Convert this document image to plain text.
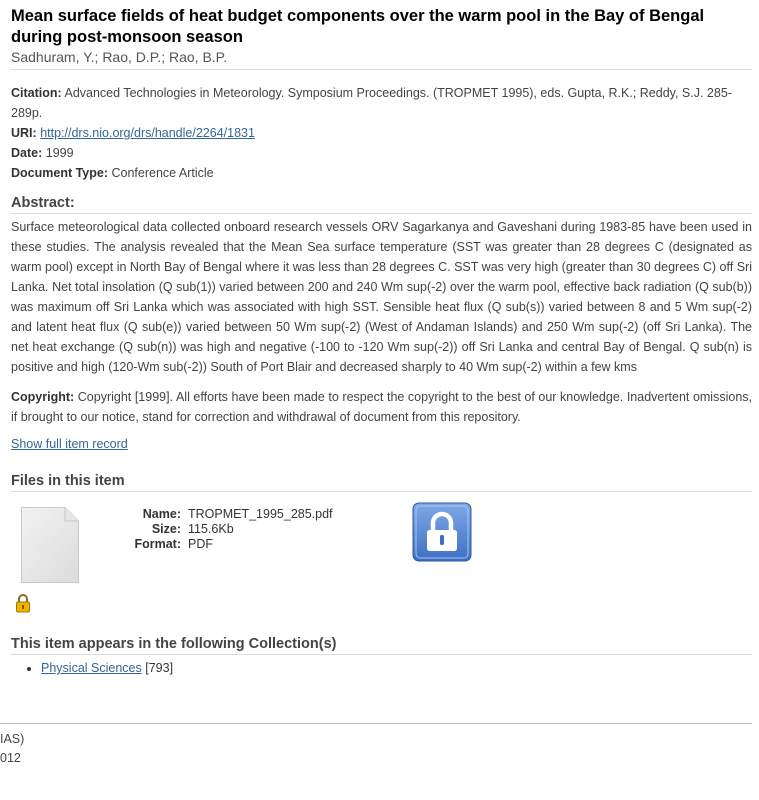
Mean surface fields of heat budget components over the warm pool in the Bay of Bengal during post-monsoon season
Sadhuram, Y.; Rao, D.P.; Rao, B.P.
Citation: Advanced Technologies in Meteorology. Symposium Proceedings. (TROPMET 1995), eds. Gupta, R.K.; Reddy, S.J. 285-289p.
URI: http://drs.nio.org/drs/handle/2264/1831
Date: 1999
Document Type: Conference Article
Abstract:
Surface meteorological data collected onboard research vessels ORV Sagarkanya and Gaveshani during 1983-85 have been used in these studies. The analysis revealed that the Mean Sea surface temperature (SST was greater than 28 degrees C (designated as warm pool) except in North Bay of Bengal where it was less than 28 degrees C. SST was very high (greater than 30 degrees C) off Sri Lanka. Net total insolation (Q sub(1)) varied between 200 and 240 Wm sup(-2) over the warm pool, effective back radiation (Q sub(b)) was maximum off Sri Lanka which was associated with high SST. Sensible heat flux (Q sub(s)) varied between 8 and 5 Wm sup(-2) and latent heat flux (Q sub(e)) varied between 50 Wm sup(-2) (West of Andaman Islands) and 250 Wm sup(-2) (off Sri Lanka). The net heat exchange (Q sub(n)) was high and negative (-100 to -120 Wm sup(-2)) off Sri Lanka and central Bay of Bengal. Q sub(n) is positive and high (120-Wm sub(-2)) South of Port Blair and decreased sharply to 40 Wm sup(-2) within a few kms
Copyright: Copyright [1999]. All efforts have been made to respect the copyright to the best of our knowledge. Inadvertent omissions, if brought to our notice, stand for correction and withdrawal of document from this repository.
Show full item record
Files in this item
Name: TROPMET_1995_285.pdf
Size: 115.6Kb
Format: PDF
This item appears in the following Collection(s)
• Physical Sciences [793]
IAS)
012
